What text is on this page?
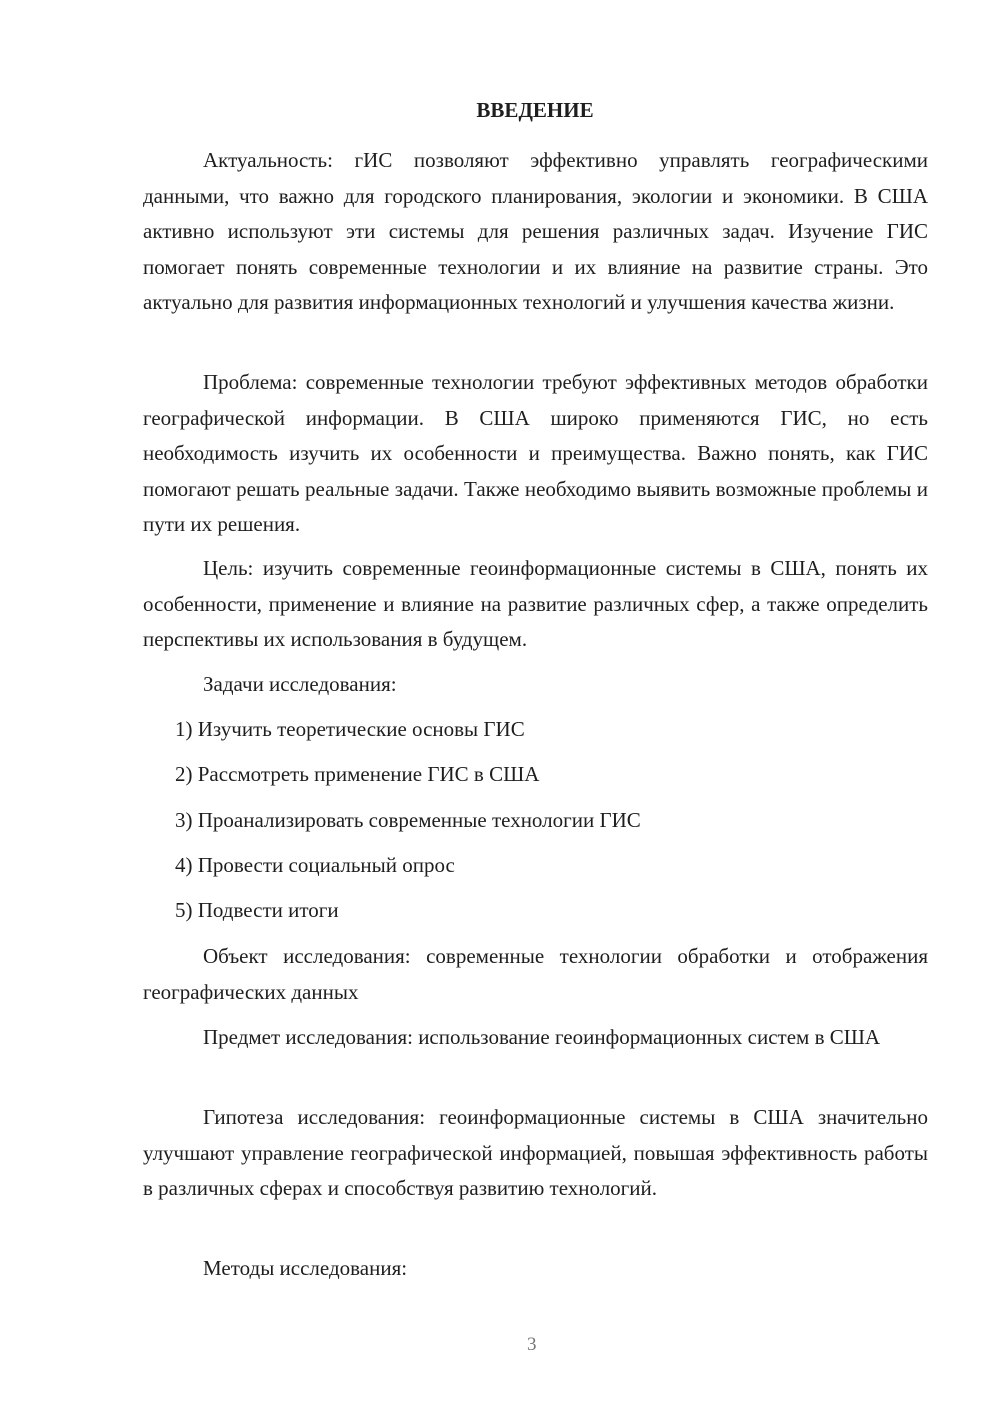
ВВЕДЕНИЕ
Актуальность: гИС позволяют эффективно управлять географическими данными, что важно для городского планирования, экологии и экономики. В США активно используют эти системы для решения различных задач. Изучение ГИС помогает понять современные технологии и их влияние на развитие страны. Это актуально для развития информационных технологий и улучшения качества жизни.
Проблема: современные технологии требуют эффективных методов обработки географической информации. В США широко применяются ГИС, но есть необходимость изучить их особенности и преимущества. Важно понять, как ГИС помогают решать реальные задачи. Также необходимо выявить возможные проблемы и пути их решения.
Цель: изучить современные геоинформационные системы в США, понять их особенности, применение и влияние на развитие различных сфер, а также определить перспективы их использования в будущем.
Задачи исследования:
1) Изучить теоретические основы ГИС
2) Рассмотреть применение ГИС в США
3) Проанализировать современные технологии ГИС
4) Провести социальный опрос
5) Подвести итоги
Объект исследования: современные технологии обработки и отображения географических данных
Предмет исследования: использование геоинформационных систем в США
Гипотеза исследования: геоинформационные системы в США значительно улучшают управление географической информацией, повышая эффективность работы в различных сферах и способствуя развитию технологий.
Методы исследования:
3
